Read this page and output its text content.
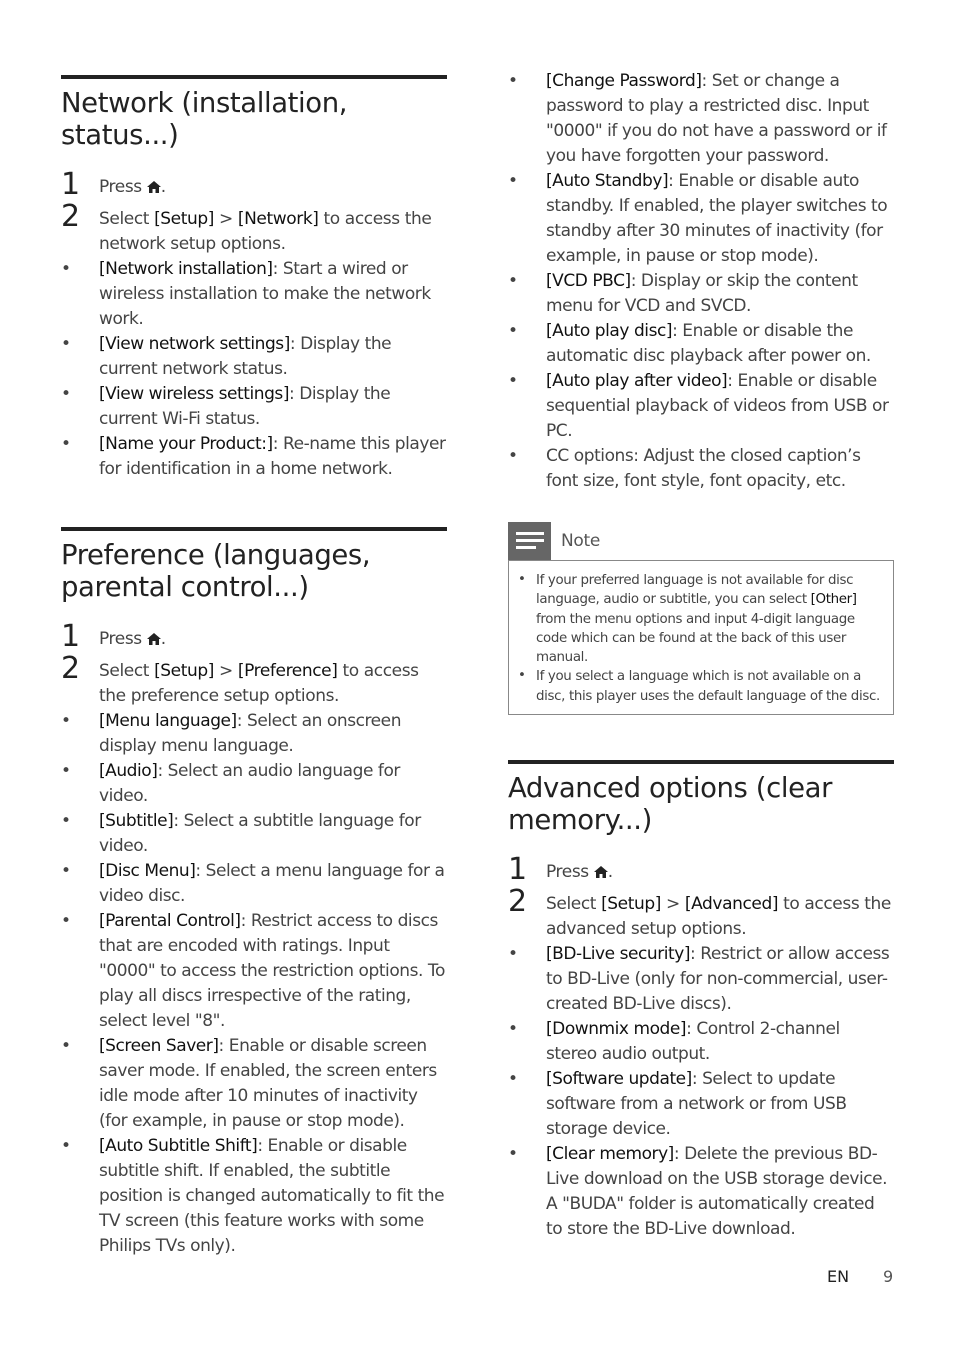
Network (installation, status...)
1 Press .
2 Select [Setup] > [Network] to access the network setup options.
• [Network installation]: Start a wired or wireless installation to make the network work.
• [View network settings]: Display the current network status.
• [View wireless settings]: Display the current Wi-Fi status.
• [Name your Product:]: Re-name this player for identification in a home network.
Preference (languages, parental control...)
1 Press .
2 Select [Setup] > [Preference] to access the preference setup options.
• [Menu language]: Select an onscreen display menu language.
• [Audio]: Select an audio language for video.
• [Subtitle]: Select a subtitle language for video.
• [Disc Menu]: Select a menu language for a video disc.
• [Parental Control]: Restrict access to discs that are encoded with ratings. Input "0000" to access the restriction options. To play all discs irrespective of the rating, select level "8".
• [Screen Saver]: Enable or disable screen saver mode. If enabled, the screen enters idle mode after 10 minutes of inactivity (for example, in pause or stop mode).
• [Auto Subtitle Shift]: Enable or disable subtitle shift. If enabled, the subtitle position is changed automatically to fit the TV screen (this feature works with some Philips TVs only).
• [Change Password]: Set or change a password to play a restricted disc. Input "0000" if you do not have a password or if you have forgotten your password.
• [Auto Standby]: Enable or disable auto standby. If enabled, the player switches to standby after 30 minutes of inactivity (for example, in pause or stop mode).
• [VCD PBC]: Display or skip the content menu for VCD and SVCD.
• [Auto play disc]: Enable or disable the automatic disc playback after power on.
• [Auto play after video]: Enable or disable sequential playback of videos from USB or PC.
• CC options: Adjust the closed caption’s font size, font style, font opacity, etc.
Note
• If your preferred language is not available for disc language, audio or subtitle, you can select [Other] from the menu options and input 4-digit language code which can be found at the back of this user manual.
• If you select a language which is not available on a disc, this player uses the default language of the disc.
Advanced options (clear memory...)
1 Press .
2 Select [Setup] > [Advanced] to access the advanced setup options.
• [BD-Live security]: Restrict or allow access to BD-Live (only for non-commercial, user-created BD-Live discs).
• [Downmix mode]: Control 2-channel stereo audio output.
• [Software update]: Select to update software from a network or from USB storage device.
• [Clear memory]: Delete the previous BD-Live download on the USB storage device. A "BUDA" folder is automatically created to store the BD-Live download.
EN 9
